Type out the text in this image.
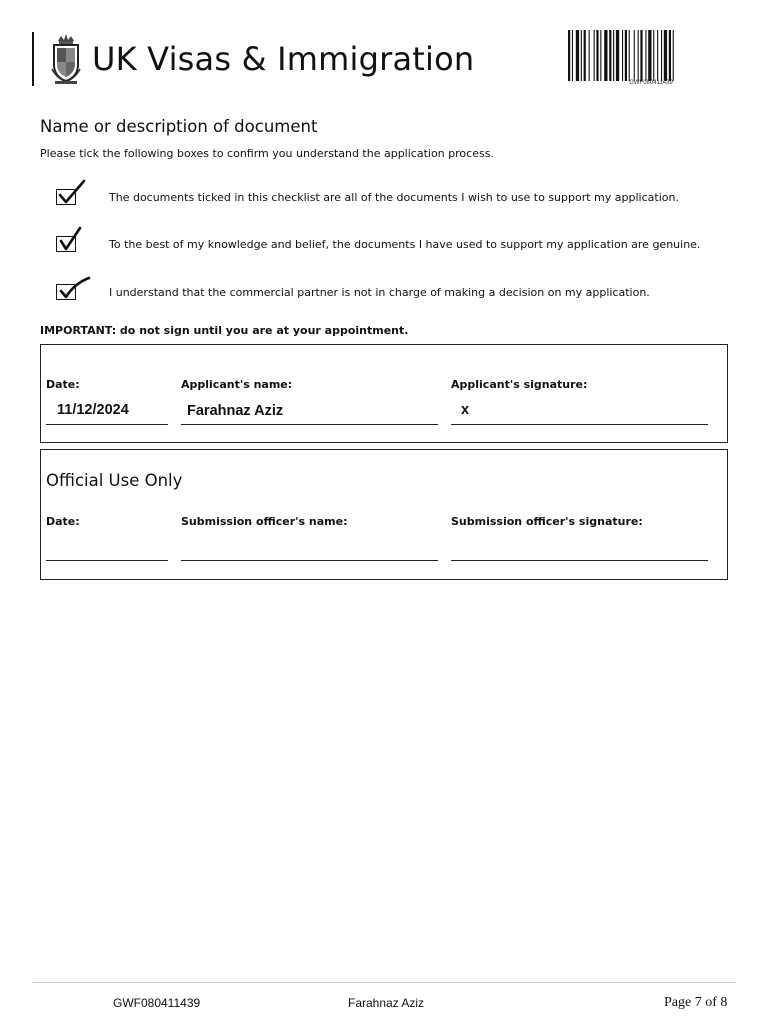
UK Visas & Immigration
GWF080411439
Name or description of document
Please tick the following boxes to confirm you understand the application process.
The documents ticked in this checklist are all of the documents I wish to use to support my application.
To the best of my knowledge and belief, the documents I have used to support my application are genuine.
I understand that the commercial partner is not in charge of making a decision on my application.
IMPORTANT: do not sign until you are at your appointment.
Date:	Applicant's name:	Applicant's signature:
11/12/2024	Farahnaz Aziz	x
Official Use Only
Date:	Submission officer's name:	Submission officer's signature:
GWF080411439	Farahnaz Aziz	Page 7 of 8
